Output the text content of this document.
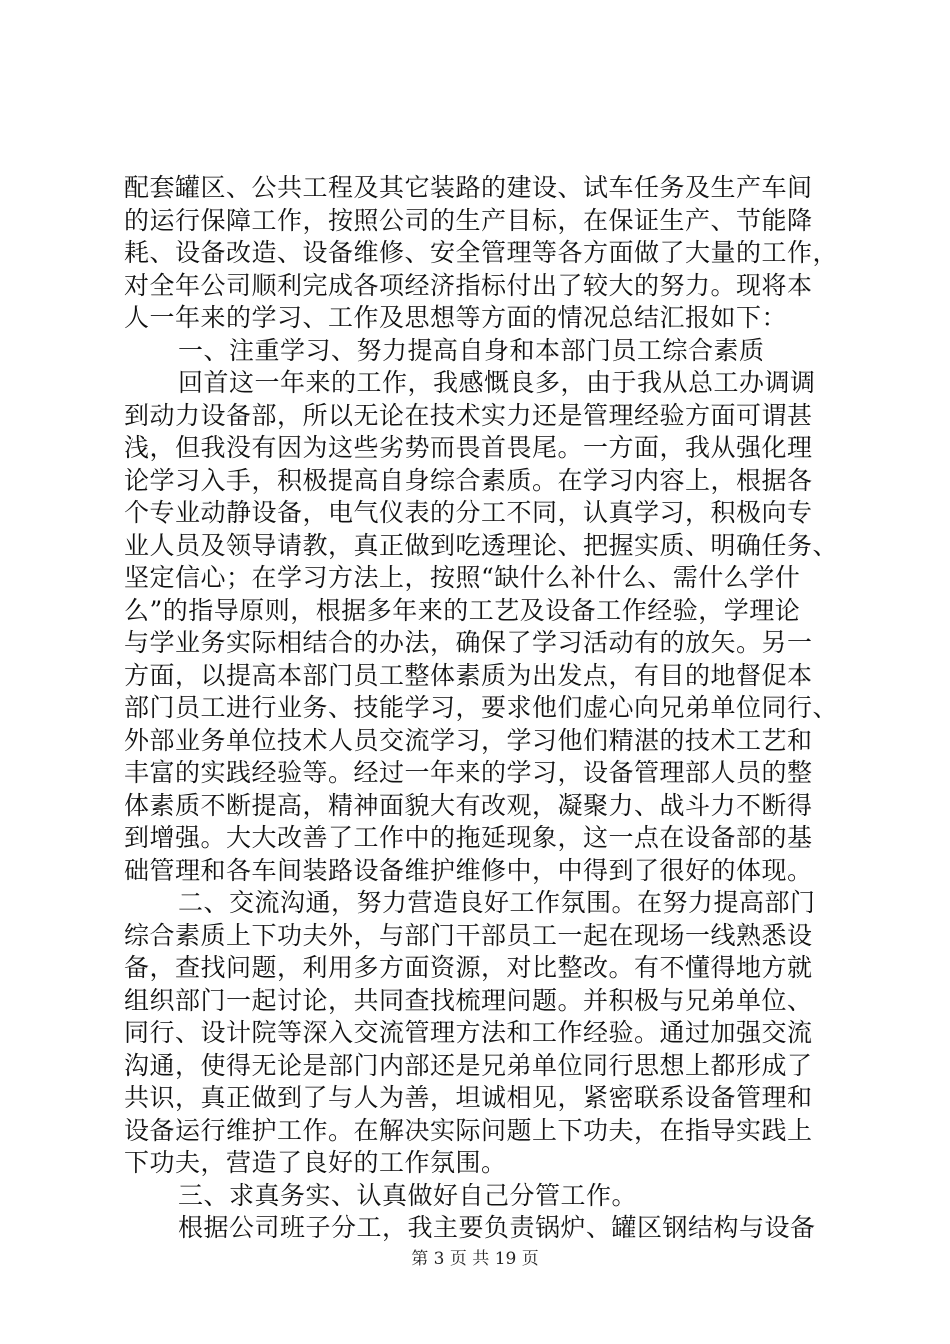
配套罐区、公共工程及其它装路的建设、试车任务及生产车间
的运行保障工作，按照公司的生产目标，在保证生产、节能降
耗、设备改造、设备维修、安全管理等各方面做了大量的工作，
对全年公司顺利完成各项经济指标付出了较大的努力。现将本
人一年来的学习、工作及思想等方面的情况总结汇报如下：
一、注重学习、努力提高自身和本部门员工综合素质
回首这一年来的工作，我感慨良多，由于我从总工办调调
到动力设备部，所以无论在技术实力还是管理经验方面可谓甚
浅，但我没有因为这些劣势而畏首畏尾。一方面，我从强化理
论学习入手，积极提高自身综合素质。在学习内容上，根据各
个专业动静设备，电气仪表的分工不同，认真学习，积极向专
业人员及领导请教，真正做到吃透理论、把握实质、明确任务、
坚定信心；在学习方法上，按照“缺什么补什么、需什么学什
么”的指导原则，根据多年来的工艺及设备工作经验，学理论
与学业务实际相结合的办法，确保了学习活动有的放矢。另一
方面，以提高本部门员工整体素质为出发点，有目的地督促本
部门员工进行业务、技能学习，要求他们虚心向兄弟单位同行、
外部业务单位技术人员交流学习，学习他们精湛的技术工艺和
丰富的实践经验等。经过一年来的学习，设备管理部人员的整
体素质不断提高，精神面貌大有改观，凝聚力、战斗力不断得
到增强。大大改善了工作中的拖延现象，这一点在设备部的基
础管理和各车间装路设备维护维修中，中得到了很好的体现。
二、交流沟通，努力营造良好工作氛围。在努力提高部门
综合素质上下功夫外，与部门干部员工一起在现场一线熟悉设
备，查找问题，利用多方面资源，对比整改。有不懂得地方就
组织部门一起讨论，共同查找梳理问题。并积极与兄弟单位、
同行、设计院等深入交流管理方法和工作经验。通过加强交流
沟通，使得无论是部门内部还是兄弟单位同行思想上都形成了
共识，真正做到了与人为善，坦诚相见，紧密联系设备管理和
设备运行维护工作。在解决实际问题上下功夫，在指导实践上
下功夫，营造了良好的工作氛围。
三、求真务实、认真做好自己分管工作。
根据公司班子分工，我主要负责锅炉、罐区钢结构与设备
第 3 页 共 19 页
